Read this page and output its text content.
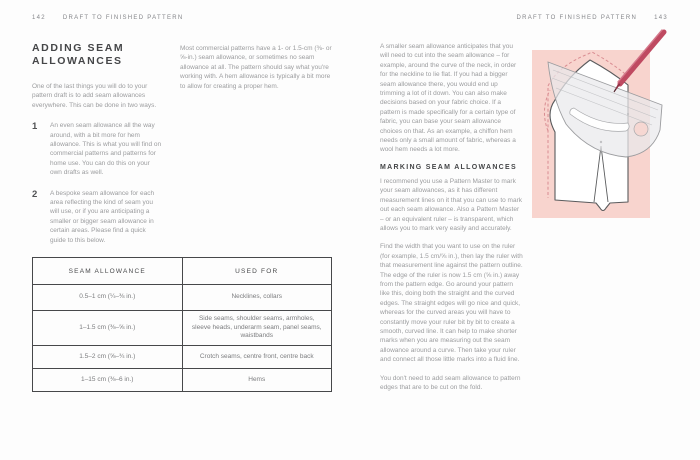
142	DRAFT TO FINISHED PATTERN	DRAFT TO FINISHED PATTERN	143
ADDING SEAM ALLOWANCES
One of the last things you will do to your pattern draft is to add seam allowances everywhere. This can be done in two ways.
1	An even seam allowance all the way around, with a bit more for hem allowance. This is what you will find on commercial patterns and patterns for home use. You can do this on your own drafts as well.
2	A bespoke seam allowance for each area reflecting the kind of seam you will use, or if you are anticipating a smaller or bigger seam allowance in certain areas. Please find a quick guide to this below.
Most commercial patterns have a 1- or 1.5-cm (⅜- or ⅝-in.) seam allowance, or sometimes no seam allowance at all. The pattern should say what you're working with. A hem allowance is typically a bit more to allow for creating a proper hem.
SEAM ALLOWANCE	USED FOR
0.5–1 cm (¼–⅜ in.)	Necklines, collars
1–1.5 cm (⅜–⅝ in.)	Side seams, shoulder seams, armholes, sleeve heads, underarm seam, panel seams, waistbands
1.5–2 cm (⅝–¾ in.)	Crotch seams, centre front, centre back
1–15 cm (⅜–6 in.)	Hems

A smaller seam allowance anticipates that you will need to cut into the seam allowance – for example, around the curve of the neck, in order for the neckline to lie flat. If you had a bigger seam allowance there, you would end up trimming a lot of it down. You can also make decisions based on your fabric choice. If a pattern is made specifically for a certain type of fabric, you can base your seam allowance choices on that. As an example, a chiffon hem needs only a small amount of fabric, whereas a wool hem needs a lot more.

MARKING SEAM ALLOWANCES

I recommend you use a Pattern Master to mark your seam allowances, as it has different measurement lines on it that you can use to mark out each seam allowance. Also a Pattern Master – or an equivalent ruler – is transparent, which allows you to mark very easily and accurately.

Find the width that you want to use on the ruler (for example, 1.5 cm/⅝ in.), then lay the ruler with that measurement line against the pattern outline. The edge of the ruler is now 1.5 cm (⅝ in.) away from the pattern edge. Go around your pattern like this, doing both the straight and the curved edges. The straight edges will go nice and quick, whereas for the curved areas you will have to constantly move your ruler bit by bit to create a smooth, curved line. It can help to make shorter marks when you are measuring out the seam allowance around a curve. Then take your ruler and connect all those little marks into a fluid line.

You don't need to add seam allowance to pattern edges that are to be cut on the fold.
